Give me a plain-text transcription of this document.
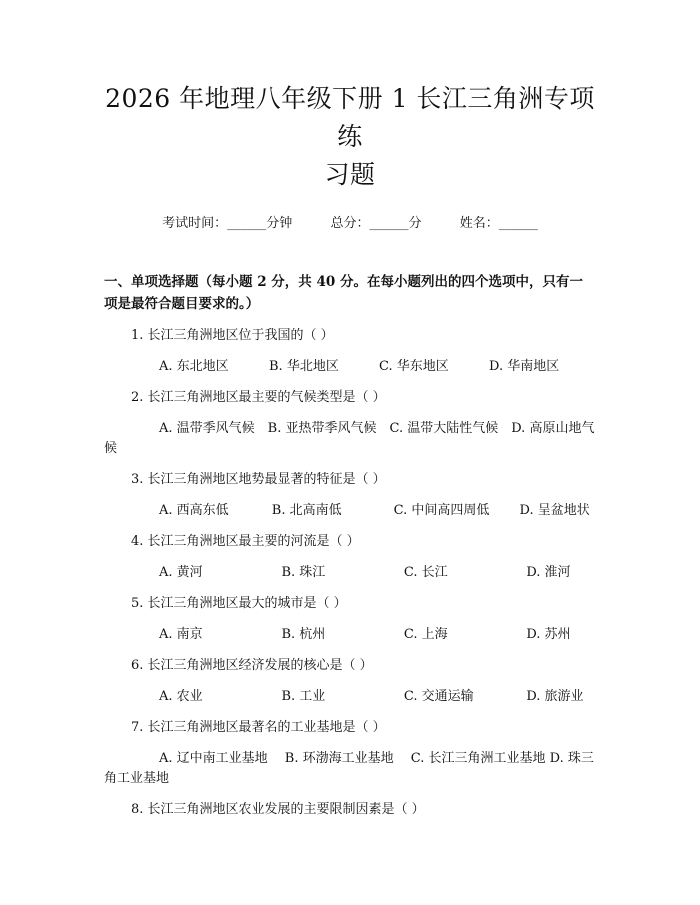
2026 年地理八年级下册 1 长江三角洲专项练
习题
考试时间：______分钟	总分：______分	姓名：______
一、单项选择题（每小题 2 分，共 40 分。在每小题列出的四个选项中，只有一项是最符合题目要求的。）
1. 长江三角洲地区位于我国的（ ）
A. 东北地区	B. 华北地区	C. 华东地区	D. 华南地区
2. 长江三角洲地区最主要的气候类型是（ ）
A. 温带季风气候　B. 亚热带季风气候　C. 温带大陆性气候　D. 高原山地气候
3. 长江三角洲地区地势最显著的特征是（ ）
A. 西高东低　　　 B. 北高南低　　　　C. 中间高四周低　　 D. 呈盆地状
4. 长江三角洲地区最主要的河流是（ ）
A. 黄河	B. 珠江	C. 长江	D. 淮河
5. 长江三角洲地区最大的城市是（ ）
A. 南京	B. 杭州	C. 上海	D. 苏州
6. 长江三角洲地区经济发展的核心是（ ）
A. 农业	B. 工业	C. 交通运输	D. 旅游业
7. 长江三角洲地区最著名的工业基地是（ ）
A. 辽中南工业基地　 B. 环渤海工业基地　 C. 长江三角洲工业基地 D. 珠三角工业基地
8. 长江三角洲地区农业发展的主要限制因素是（ ）
